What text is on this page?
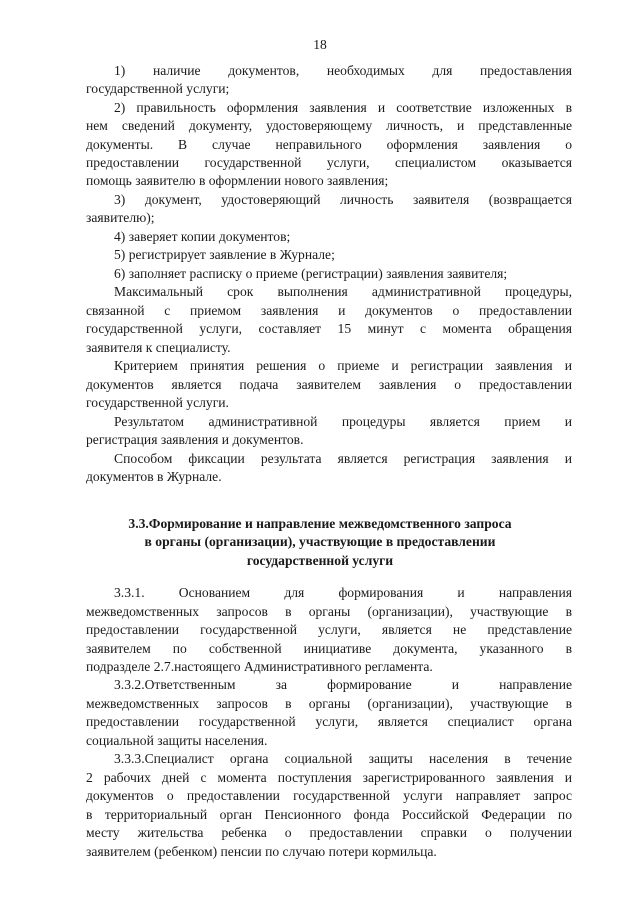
18
1) наличие документов, необходимых для предоставления
государственной услуги;
2) правильность оформления заявления и соответствие изложенных в
нем сведений документу, удостоверяющему личность, и представленные
документы. В случае неправильного оформления заявления о
предоставлении государственной услуги, специалистом оказывается
помощь заявителю в оформлении нового заявления;
3) документ, удостоверяющий личность заявителя (возвращается
заявителю);
4) заверяет копии документов;
5) регистрирует заявление в Журнале;
6) заполняет расписку о приеме (регистрации) заявления заявителя;
Максимальный срок выполнения административной процедуры,
связанной с приемом заявления и документов о предоставлении
государственной услуги, составляет 15 минут с момента обращения
заявителя к специалисту.
Критерием принятия решения о приеме и регистрации заявления и
документов является подача заявителем заявления о предоставлении
государственной услуги.
Результатом административной процедуры является прием и
регистрация заявления и документов.
Способом фиксации результата является регистрация заявления и
документов в Журнале.
3.3.Формирование и направление межведомственного запроса
в органы (организации), участвующие в предоставлении
государственной услуги
3.3.1. Основанием для формирования и направления
межведомственных запросов в органы (организации), участвующие в
предоставлении государственной услуги, является не представление
заявителем по собственной инициативе документа, указанного в
подразделе 2.7.настоящего Административного регламента.
3.3.2.Ответственным за формирование и направление
межведомственных запросов в органы (организации), участвующие в
предоставлении государственной услуги, является специалист органа
социальной защиты населения.
3.3.3.Специалист органа социальной защиты населения в течение
2 рабочих дней с момента поступления зарегистрированного заявления и
документов о предоставлении государственной услуги направляет запрос
в территориальный орган Пенсионного фонда Российской Федерации по
месту жительства ребенка о предоставлении справки о получении
заявителем (ребенком) пенсии по случаю потери кормильца.
